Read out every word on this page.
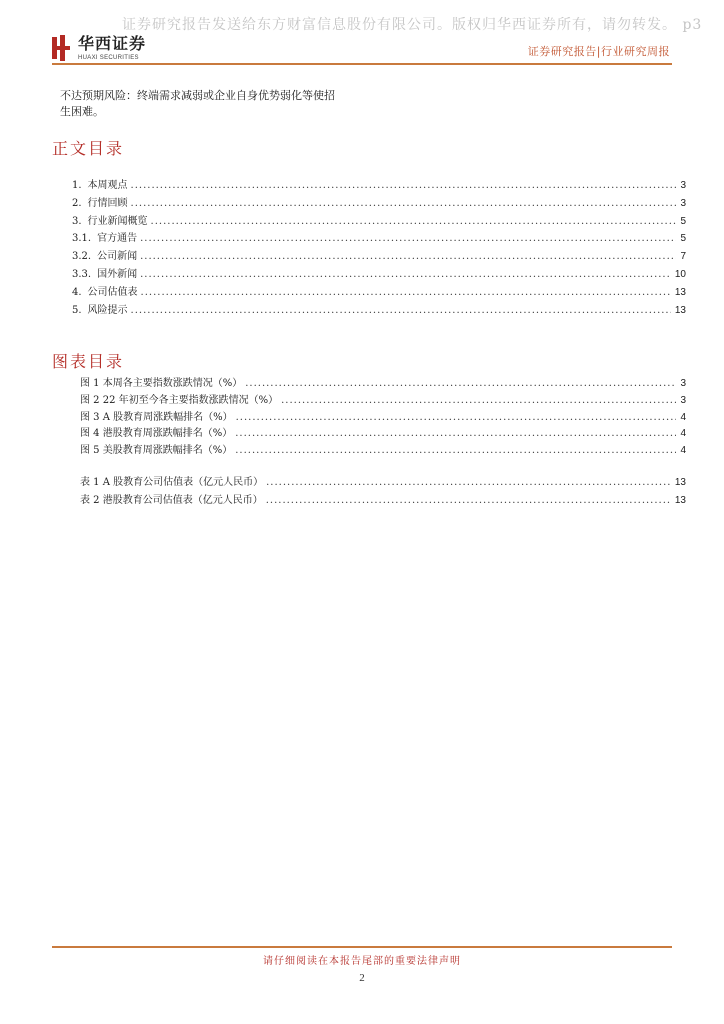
证券研究报告发送给东方财富信息股份有限公司。版权归华西证券所有，请勿转发。 p3
华西证券
HUAXI SECURITIES	证券研究报告|行业研究周报
不达预期风险：终端需求减弱或企业自身优势弱化等使招
生困难。
正文目录
1. 本周观点 .....	3
2. 行情回顾 .....	3
3. 行业新闻概览 .....	5
3.1. 官方通告 .....	5
3.2. 公司新闻 .....	7
3.3. 国外新闻 .....	10
4. 公司估值表 .....	13
5. 风险提示 .....	13
图表目录
图 1 本周各主要指数涨跌情况（%） .....	3
图 2 22 年初至今各主要指数涨跌情况（%） .....	3
图 3 A 股教育周涨跌幅排名（%） .....	4
图 4 港股教育周涨跌幅排名（%） .....	4
图 5 美股教育周涨跌幅排名（%） .....	4
表 1 A 股教育公司估值表（亿元人民币） .....	13
表 2 港股教育公司估值表（亿元人民币） .....	13
请仔细阅读在本报告尾部的重要法律声明
2
